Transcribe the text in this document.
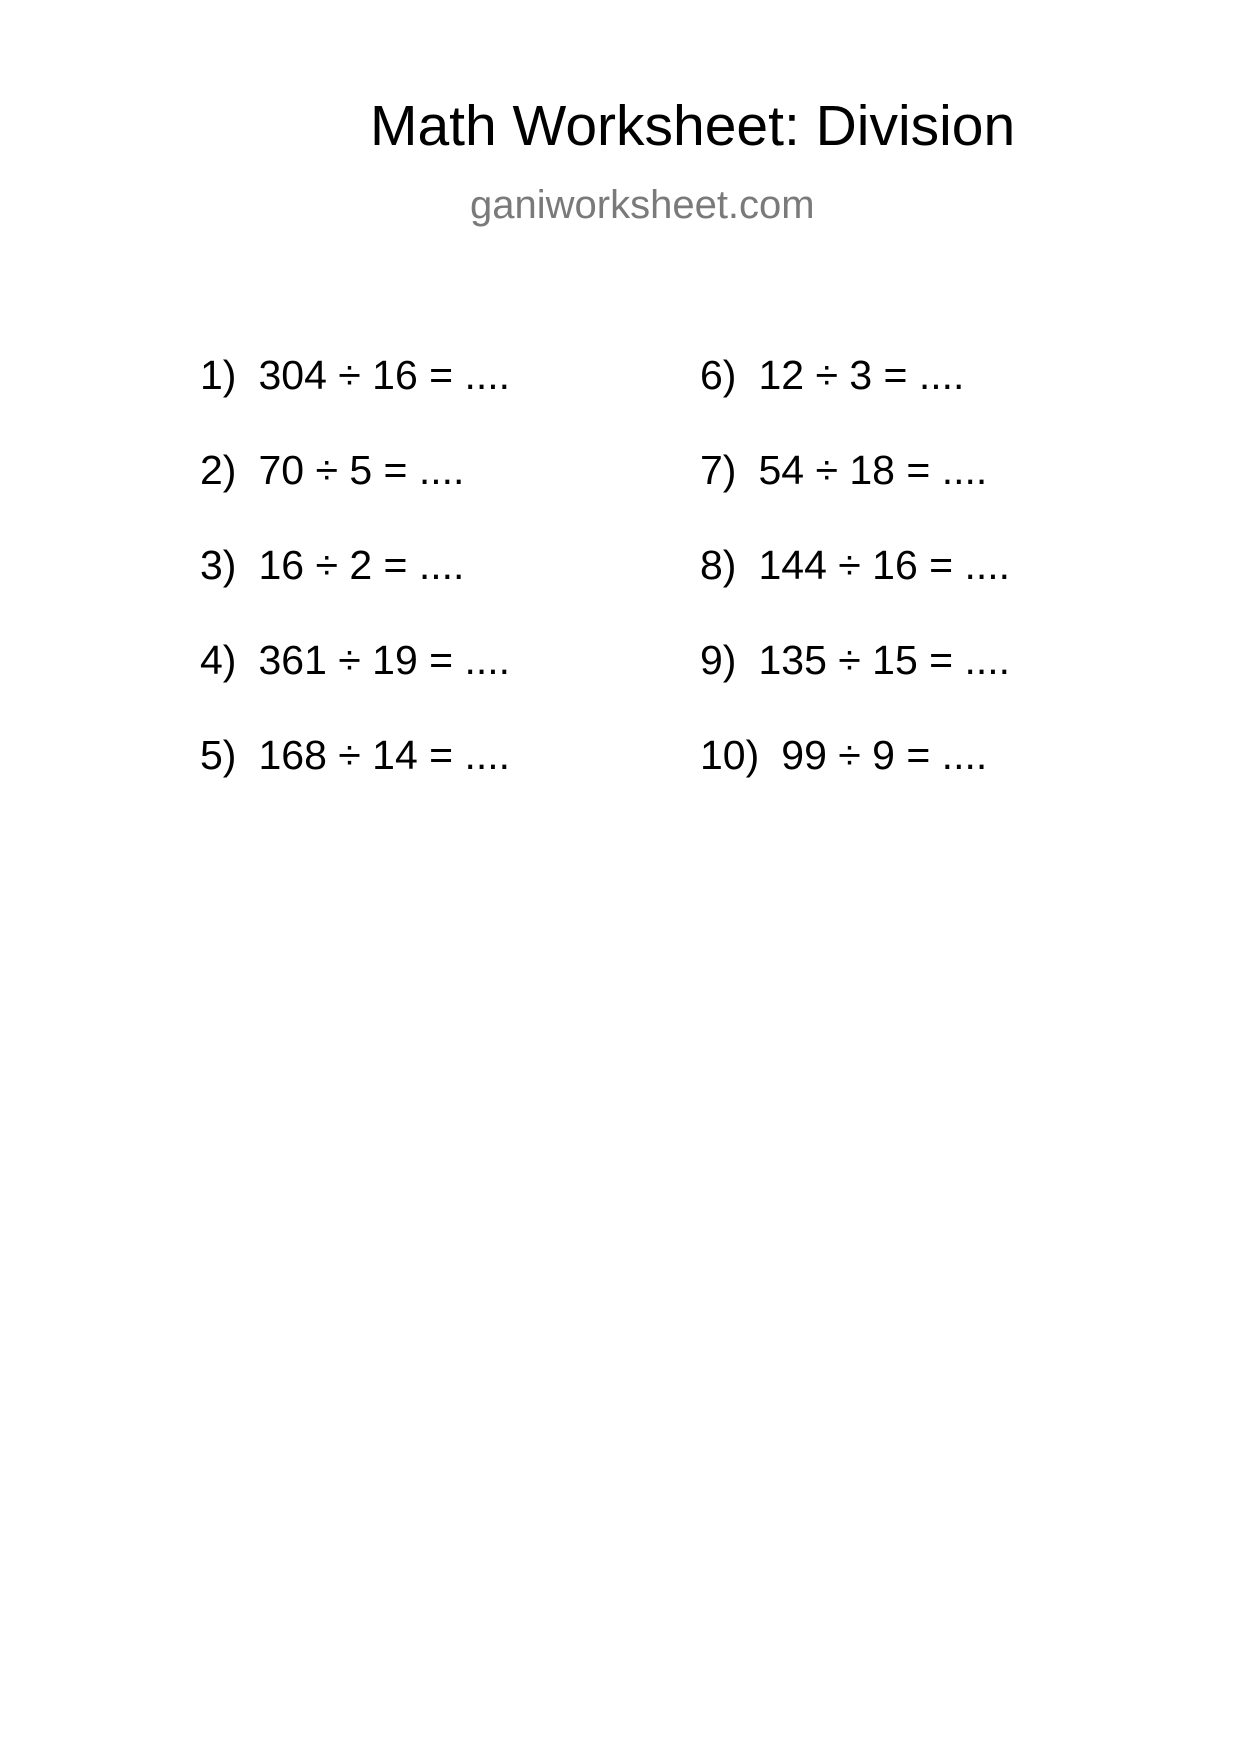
Math Worksheet: Division
ganiworksheet.com
1) 304 ÷ 16 = ....
2) 70 ÷ 5 = ....
3) 16 ÷ 2 = ....
4) 361 ÷ 19 = ....
5) 168 ÷ 14 = ....
6) 12 ÷ 3 = ....
7) 54 ÷ 18 = ....
8) 144 ÷ 16 = ....
9) 135 ÷ 15 = ....
10) 99 ÷ 9 = ....
